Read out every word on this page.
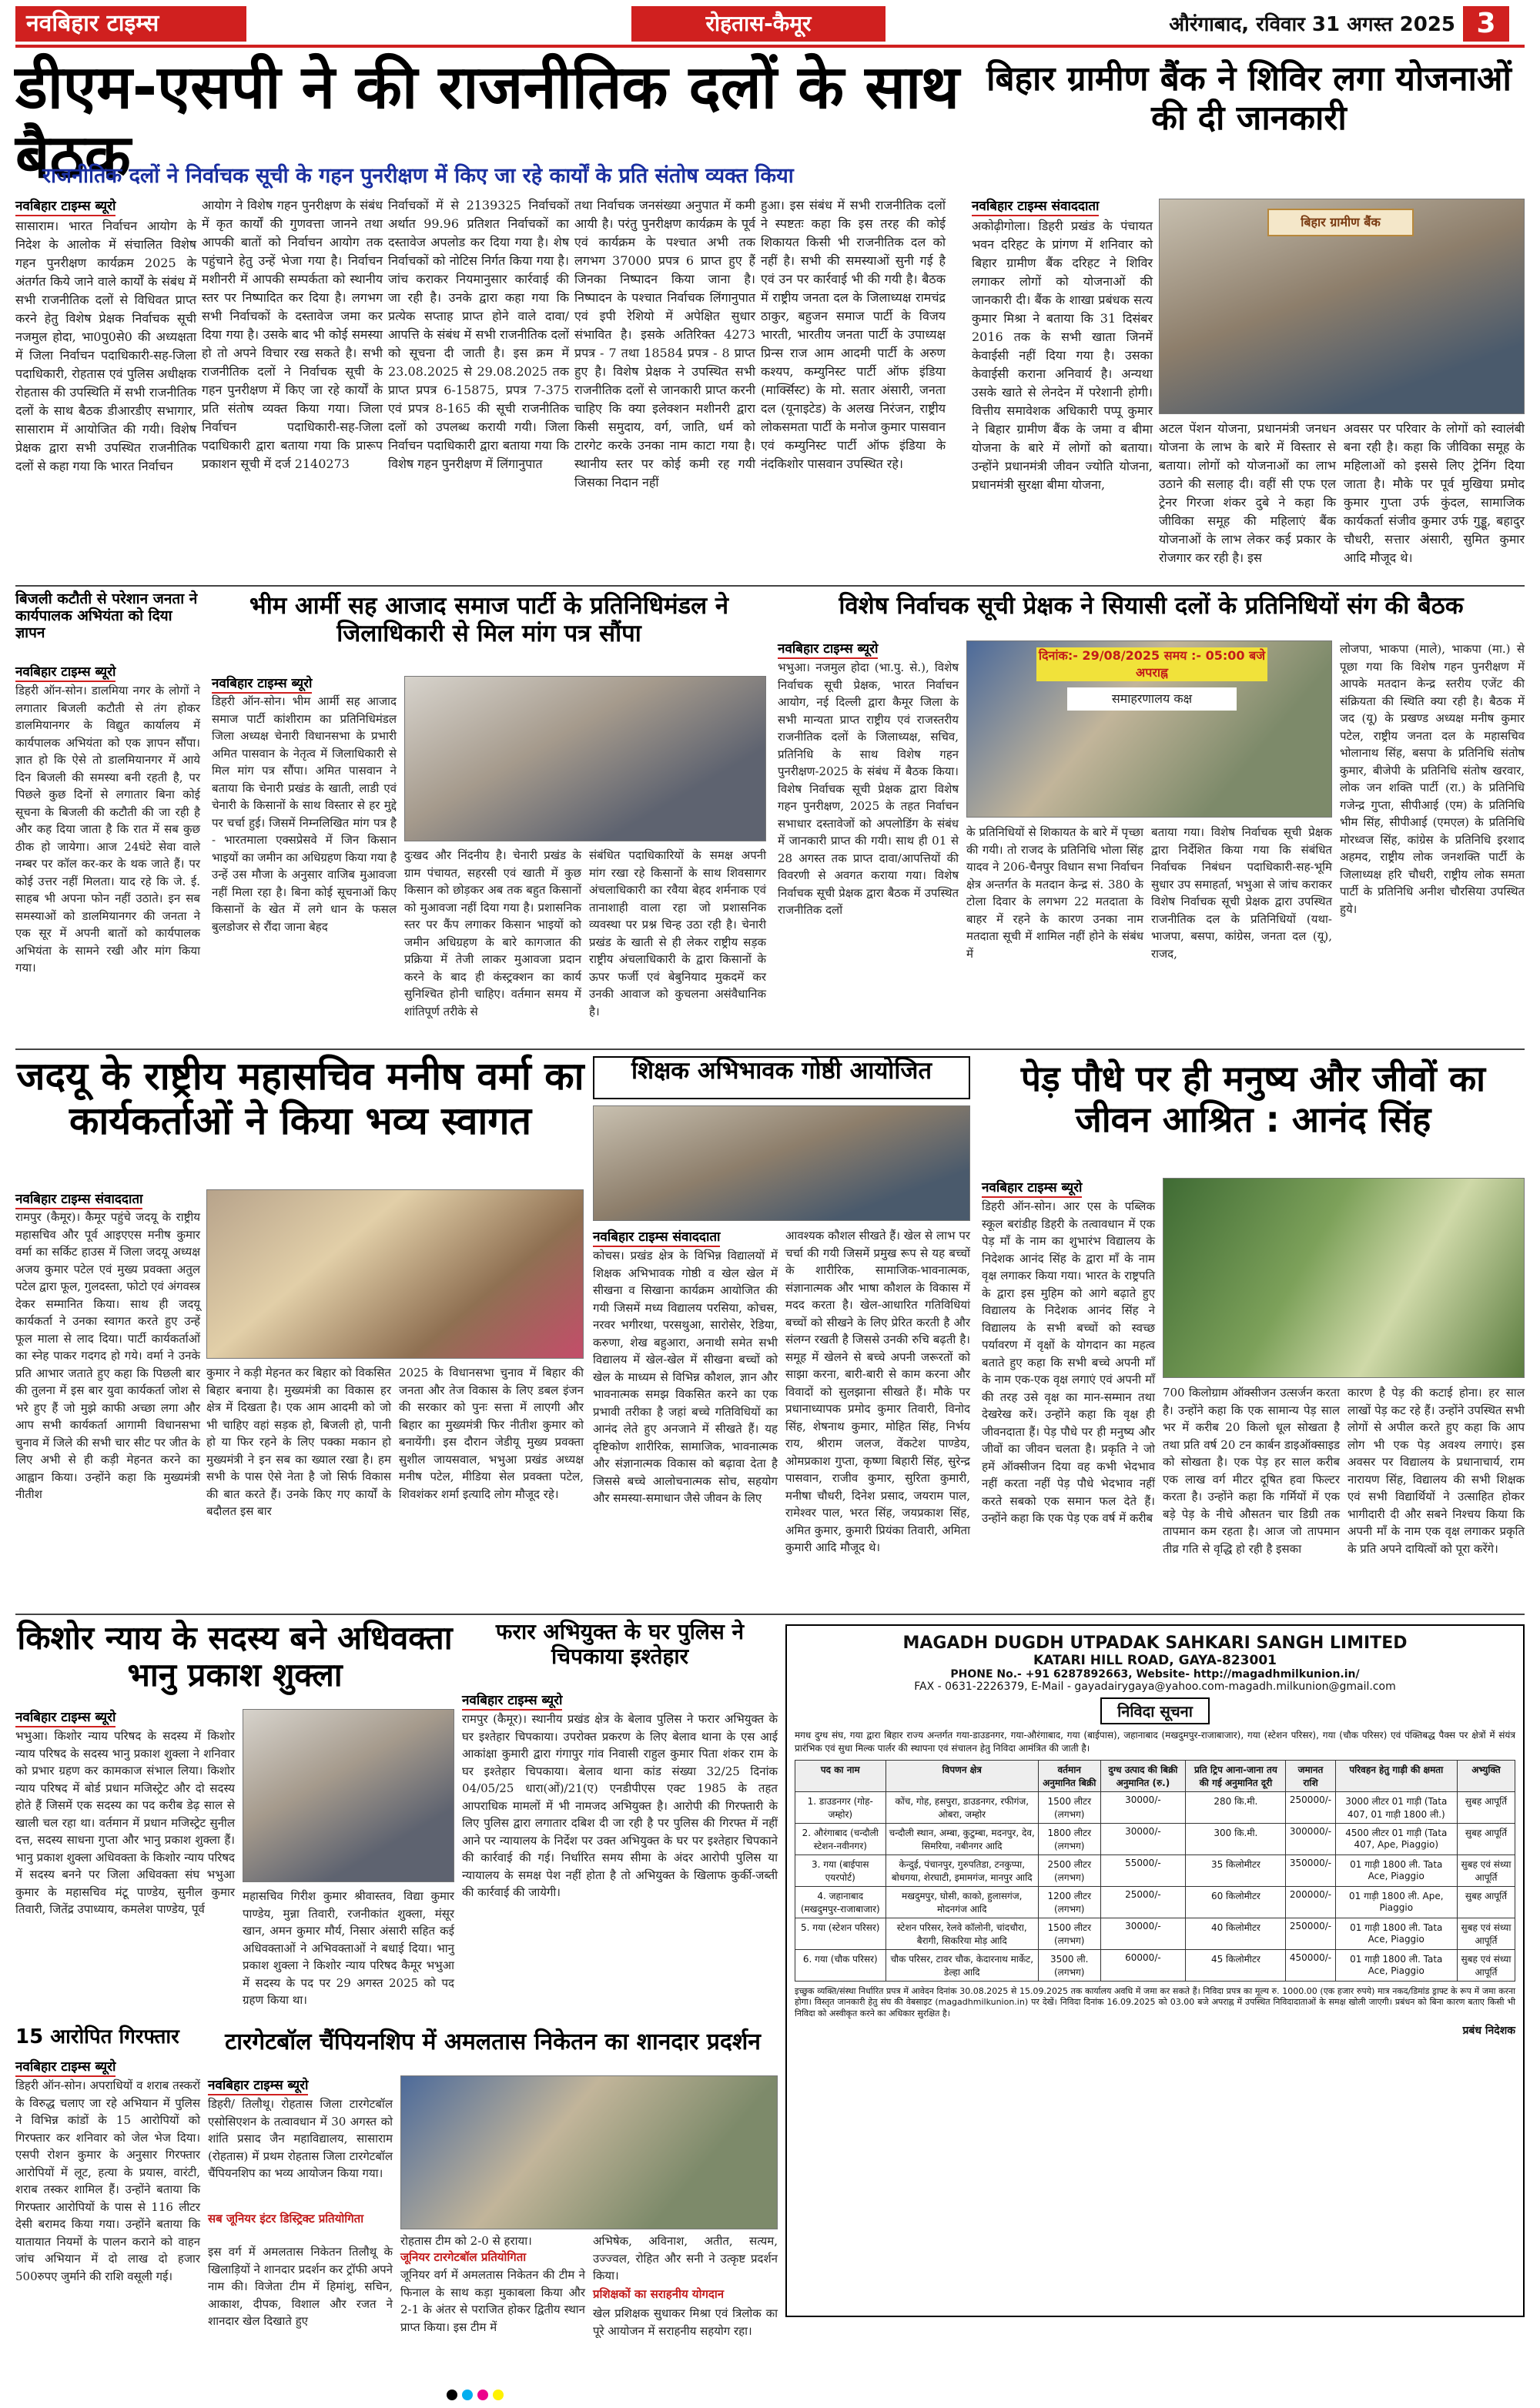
नवबिहार टाइम्स	रोहतास-कैमूर	औरंगाबाद, रविवार 31 अगस्त 2025 3
डीएम-एसपी ने की राजनीतिक दलों के साथ बैठक
राजनीतिक दलों ने निर्वाचक सूची के गहन पुनरीक्षण में किए जा रहे कार्यों के प्रति संतोष व्यक्त किया
नवबिहार टाइम्स ब्यूरो
सासाराम। भारत निर्वाचन आयोग के निदेश के आलोक में संचालित विशेष गहन पुनरीक्षण कार्यक्रम 2025 के अंतर्गत किये जाने वाले कार्यों के संबंध में सभी राजनीतिक दलों से विधिवत प्राप्त करने हेतु विशेष प्रेक्षक निर्वाचक सूची नजमुल होदा, भा0पु0से0 की अध्यक्षता में जिला निर्वाचन पदाधिकारी-सह-जिला पदाधिकारी, रोहतास एवं पुलिस अधीक्षक रोहतास की उपस्थिति में सभी राजनीतिक दलों के साथ बैठक डीआरडीए सभागार, सासाराम में आयोजित की गयी। विशेष प्रेक्षक द्वारा सभी उपस्थित राजनीतिक दलों से कहा गया कि भारत निर्वाचन
आयोग ने विशेष गहन पुनरीक्षण के संबंध में कृत कार्यों की गुणवत्ता जानने तथा आपकी बातों को निर्वाचन आयोग तक पहुंचाने हेतु उन्हें भेजा गया है। निर्वाचन मशीनरी में आपकी सम्पर्कता को स्थानीय स्तर पर निष्पादित कर दिया है। लगभग सभी निर्वाचकों के दस्तावेज जमा कर दिया गया है। उसके बाद भी कोई समस्या हो तो अपने विचार रख सकते है। सभी राजनीतिक दलों ने निर्वाचक सूची के गहन पुनरीक्षण में किए जा रहे कार्यों के प्रति संतोष व्यक्त किया गया। जिला निर्वाचन पदाधिकारी-सह-जिला पदाधिकारी द्वारा बताया गया कि प्रारूप प्रकाशन सूची में दर्ज 2140273
निर्वाचकों में से 2139325 निर्वाचकों अर्थात 99.96 प्रतिशत निर्वाचकों का दस्तावेज अपलोड कर दिया गया है। शेष निर्वाचकों को नोटिस निर्गत किया गया है। जांच कराकर नियमानुसार कार्रवाई की जा रही है। उनके द्वारा कहा गया कि प्रत्येक सप्ताह प्राप्त होने वाले दावा/आपत्ति के संबंध में सभी राजनीतिक दलों को सूचना दी जाती है। इस क्रम में 23.08.2025 से 29.08.2025 तक प्राप्त प्रपत्र 6-15875, प्रपत्र 7-375 एवं प्रपत्र 8-165 की सूची राजनीतिक दलों को उपलब्ध करायी गयी। जिला निर्वाचन पदाधिकारी द्वारा बताया गया कि विशेष गहन पुनरीक्षण में लिंगानुपात
तथा निर्वाचक जनसंख्या अनुपात में कमी आयी है। परंतु पुनरीक्षण कार्यक्रम के पूर्व एवं कार्यक्रम के पश्चात अभी तक लगभग 37000 प्रपत्र 6 प्राप्त हुए हैं जिनका निष्पादन किया जाना है। निष्पादन के पश्चात निर्वाचक लिंगानुपात एवं इपी रेशियो में अपेक्षित सुधार संभावित है। इसके अतिरिक्त 4273 प्रपत्र - 7 तथा 18584 प्रपत्र - 8 प्राप्त हुए है। विशेष प्रेक्षक ने उपस्थित सभी राजनीतिक दलों से जानकारी प्राप्त करनी चाहिए कि क्या इलेक्शन मशीनरी द्वारा किसी समुदाय, वर्ग, जाति, धर्म को टारगेट करके उनका नाम काटा गया है। स्थानीय स्तर पर कोई कमी रह गयी जिसका निदान नहीं
हुआ। इस संबंध में सभी राजनीतिक दलों ने स्पष्टतः कहा कि इस तरह की कोई शिकायत किसी भी राजनीतिक दल को नहीं है। सभी की समस्याओं सुनी गई है एवं उन पर कार्रवाई भी की गयी है। बैठक में राष्ट्रीय जनता दल के जिलाध्यक्ष रामचंद्र ठाकुर, बहुजन समाज पार्टी के विजय भारती, भारतीय जनता पार्टी के उपाध्यक्ष प्रिन्स राज आम आदमी पार्टी के अरुण कश्यप, कम्युनिस्ट पार्टी ऑफ इंडिया (मार्क्सिस्ट) के मो. सतार अंसारी, जनता दल (यूनाइटेड) के अलख निरंजन, राष्ट्रीय लोकसमता पार्टी के मनोज कुमार पासवान एवं कम्युनिस्ट पार्टी ऑफ इंडिया के नंदकिशोर पासवान उपस्थित रहे।
बिहार ग्रामीण बैंक ने शिविर लगा योजनाओं की दी जानकारी
नवबिहार टाइम्स संवाददाता
अकोढ़ीगोला। डिहरी प्रखंड के पंचायत भवन दरिहट के प्रांगण में शनिवार को बिहार ग्रामीण बैंक दरिहट ने शिविर लगाकर लोगों को योजनाओं की जानकारी दी। बैंक के शाखा प्रबंधक सत्य कुमार मिश्रा ने बताया कि 31 दिसंबर 2016 तक के सभी खाता जिनमें केवाईसी नहीं दिया गया है। उसका केवाईसी कराना अनिवार्य है। अन्यथा उसके खाते से लेनदेन में परेशानी होगी। वित्तीय समावेशक अधिकारी पप्पू कुमार ने बिहार ग्रामीण बैंक के जमा व बीमा योजना के बारे में लोगों को बताया। उन्होंने प्रधानमंत्री जीवन ज्योति योजना, प्रधानमंत्री सुरक्षा बीमा योजना,
बिहार ग्रामीण बैंक
अटल पेंशन योजना, प्रधानमंत्री जनधन योजना के लाभ के बारे में विस्तार से बताया। लोगों को योजनाओं का लाभ उठाने की सलाह दी। वहीं सी एफ एल ट्रेनर गिरजा शंकर दुबे ने कहा कि जीविका समूह की महिलाएं बैंक योजनाओं के लाभ लेकर कई प्रकार के रोजगार कर रही है। इस
अवसर पर परिवार के लोगों को स्वालंबी बना रही है। कहा कि जीविका समूह के महिलाओं को इससे लिए ट्रेनिंग दिया जाता है। मौके पर पूर्व मुखिया प्रमोद कुमार गुप्ता उर्फ कुंदल, सामाजिक कार्यकर्ता संजीव कुमार उर्फ गुड्डू, बहादुर चौधरी, सत्तार अंसारी, सुमित कुमार आदि मौजूद थे।
बिजली कटौती से परेशान जनता ने कार्यपालक अभियंता को दिया ज्ञापन
नवबिहार टाइम्स ब्यूरो
डिहरी ऑन-सोन। डालमिया नगर के लोगों ने लगातार बिजली कटौती से तंग होकर डालमियानगर के विद्युत कार्यालय में कार्यपालक अभियंता को एक ज्ञापन सौंपा। ज्ञात हो कि ऐसे तो डालमियानगर में आये दिन बिजली की समस्या बनी रहती है, पर पिछले कुछ दिनों से लगातार बिना कोई सूचना के बिजली की कटौती की जा रही है और कह दिया जाता है कि रात में सब कुछ ठीक हो जायेगा। आज 24घंटे सेवा वाले नम्बर पर कॉल कर-कर के थक जाते हैं। पर कोई उत्तर नहीं मिलता। याद रहे कि जे. ई. साहब भी अपना फोन नहीं उठाते। इन सब समस्याओं को डालमियानगर की जनता ने एक सूर में अपनी बातों को कार्यपालक अभियंता के सामने रखी और मांग किया गया।
भीम आर्मी सह आजाद समाज पार्टी के प्रतिनिधिमंडल ने जिलाधिकारी से मिल मांग पत्र सौंपा
नवबिहार टाइम्स ब्यूरो
डिहरी ऑन-सोन। भीम आर्मी सह आजाद समाज पार्टी कांशीराम का प्रतिनिधिमंडल जिला अध्यक्ष चेनारी विधानसभा के प्रभारी अमित पासवान के नेतृत्व में जिलाधिकारी से मिल मांग पत्र सौंपा। अमित पासवान ने बताया कि चेनारी प्रखंड के खाती, लाडी एवं चेनारी के किसानों के साथ विस्तार से हर मुद्दे पर चर्चा हुई। जिसमें निम्नलिखित मांग पत्र है - भारतमाला एक्सप्रेसवे में जिन किसान भाइयों का जमीन का अधिग्रहण किया गया है उन्हें उस मौजा के अनुसार वाजिब मुआवजा नहीं मिला रहा है। बिना कोई सूचनाओं किए किसानों के खेत में लगे धान के फसल बुलडोजर से रौंदा जाना बेहद
दुःखद और निंदनीय है। चेनारी प्रखंड के ग्राम पंचायत, सहरसी एवं खाती में कुछ किसान को छोड़कर अब तक बहुत किसानों को मुआवजा नहीं दिया गया है। प्रशासनिक स्तर पर कैंप लगाकर किसान भाइयों को जमीन अधिग्रहण के बारे कागजात की प्रक्रिया में तेजी लाकर मुआवजा प्रदान करने के बाद ही कंस्ट्रक्शन का कार्य सुनिश्चित होनी चाहिए। वर्तमान समय में शांतिपूर्ण तरीके से
संबंधित पदाधिकारियों के समक्ष अपनी मांग रखा रहे किसानों के साथ शिवसागर अंचलाधिकारी का रवैया बेहद शर्मनाक एवं तानाशाही वाला रहा जो प्रशासनिक व्यवस्था पर प्रश्न चिन्ह उठा रही है। चेनारी प्रखंड के खाती से ही लेकर राष्ट्रीय सड़क राष्ट्रीय अंचलाधिकारी के द्वारा किसानों के ऊपर फर्जी एवं बेबुनियाद मुकदमें कर उनकी आवाज को कुचलना असंवैधानिक है।
विशेष निर्वाचक सूची प्रेक्षक ने सियासी दलों के प्रतिनिधियों संग की बैठक
नवबिहार टाइम्स ब्यूरो
भभुआ। नजमुल होदा (भा.पु. से.), विशेष निर्वाचक सूची प्रेक्षक, भारत निर्वाचन आयोग, नई दिल्ली द्वारा कैमूर जिला के सभी मान्यता प्राप्त राष्ट्रीय एवं राजस्तरीय राजनीतिक दलों के जिलाध्यक्ष, सचिव, प्रतिनिधि के साथ विशेष गहन पुनरीक्षण-2025 के संबंध में बैठक किया। विशेष निर्वाचक सूची प्रेक्षक द्वारा विशेष गहन पुनरीक्षण, 2025 के तहत निर्वाचन सभाधार दस्तावेजों को अपलोडिंग के संबंध में जानकारी प्राप्त की गयी। साथ ही 01 से 28 अगस्त तक प्राप्त दावा/आपत्तियों की विवरणी से अवगत कराया गया। विशेष निर्वाचक सूची प्रेक्षक द्वारा बैठक में उपस्थित राजनीतिक दलों
दिनांक:- 29/08/2025 समय :- 05:00 बजे अपराह्न
समाहरणालय कक्ष
के प्रतिनिधियों से शिकायत के बारे में पृच्छा की गयी। तो राजद के प्रतिनिधि भोला सिंह यादव ने 206-चैनपुर विधान सभा निर्वाचन क्षेत्र अन्तर्गत के मतदान केन्द्र सं. 380 के टोला दिवार के लगभग 22 मतदाता के बाहर में रहने के कारण उनका नाम मतदाता सूची में शामिल नहीं होने के संबंध में
बताया गया। विशेष निर्वाचक सूची प्रेक्षक द्वारा निर्देशित किया गया कि संबंधित निर्वाचक निबंधन पदाधिकारी-सह-भूमि सुधार उप समाहर्ता, भभुआ से जांच कराकर विशेष निर्वाचक सूची प्रेक्षक द्वारा उपस्थित राजनीतिक दल के प्रतिनिधियों (यथा-भाजपा, बसपा, कांग्रेस, जनता दल (यू), राजद,
लोजपा, भाकपा (माले), भाकपा (मा.) से पूछा गया कि विशेष गहन पुनरीक्षण में आपके मतदान केन्द्र स्तरीय एजेंट की संक्रियता की स्थिति क्या रही है। बैठक में जद (यू) के प्रखण्ड अध्यक्ष मनीष कुमार पटेल, राष्ट्रीय जनता दल के महासचिव भोलानाथ सिंह, बसपा के प्रतिनिधि संतोष कुमार, बीजेपी के प्रतिनिधि संतोष खरवार, लोक जन शक्ति पार्टी (रा.) के प्रतिनिधि गजेन्द्र गुप्ता, सीपीआई (एम) के प्रतिनिधि भीम सिंह, सीपीआई (एमएल) के प्रतिनिधि मोरध्वज सिंह, कांग्रेस के प्रतिनिधि इरशाद अहमद, राष्ट्रीय लोक जनशक्ति पार्टी के जिलाध्यक्ष हरि चौधरी, राष्ट्रीय लोक समता पार्टी के प्रतिनिधि अनीश चौरसिया उपस्थित हुये।
जदयू के राष्ट्रीय महासचिव मनीष वर्मा का कार्यकर्ताओं ने किया भव्य स्वागत
नवबिहार टाइम्स संवाददाता
रामपुर (कैमूर)। कैमूर पहुंचे जदयू के राष्ट्रीय महासचिव और पूर्व आइएएस मनीष कुमार वर्मा का सर्किट हाउस में जिला जदयू अध्यक्ष अजय कुमार पटेल एवं मुख्य प्रवक्ता अतुल पटेल द्वारा फूल, गुलदस्ता, फोटो एवं अंगवस्त्र देकर सम्मानित किया। साथ ही जदयू कार्यकर्ता ने उनका स्वागत करते हुए उन्हें फूल माला से लाद दिया। पार्टी कार्यकर्ताओं का स्नेह पाकर गदगद हो गये। वर्मा ने उनके प्रति आभार जताते हुए कहा कि पिछली बार की तुलना में इस बार युवा कार्यकर्ता जोश से भरे हुए हैं जो मुझे काफी अच्छा लगा और आप सभी कार्यकर्ता आगामी विधानसभा चुनाव में जिले की सभी चार सीट पर जीत के लिए अभी से ही कड़ी मेहनत करने का आह्वान किया। उन्होंने कहा कि मुख्यमंत्री नीतीश
कुमार ने कड़ी मेहनत कर बिहार को विकसित बिहार बनाया है। मुख्यमंत्री का विकास हर क्षेत्र में दिखता है। एक आम आदमी को जो भी चाहिए वहां सड़क हो, बिजली हो, पानी हो या फिर रहने के लिए पक्का मकान हो मुख्यमंत्री ने इन सब का ख्याल रखा है। हम सभी के पास ऐसे नेता है जो सिर्फ विकास की बात करते हैं। उनके किए गए कार्यों के बदौलत इस बार
2025 के विधानसभा चुनाव में बिहार की जनता और तेज विकास के लिए डबल इंजन की सरकार को पुनः सत्ता में लाएगी और बिहार का मुख्यमंत्री फिर नीतीश कुमार को बनायेंगी। इस दौरान जेडीयू मुख्य प्रवक्ता सुशील जायसवाल, भभुआ प्रखंड अध्यक्ष मनीष पटेल, मीडिया सेल प्रवक्ता पटेल, शिवशंकर शर्मा इत्यादि लोग मौजूद रहे।
शिक्षक अभिभावक गोष्ठी आयोजित
नवबिहार टाइम्स संवाददाता
कोचस। प्रखंड क्षेत्र के विभिन्न विद्यालयों में शिक्षक अभिभावक गोष्ठी व खेल खेल में सीखना व सिखाना कार्यक्रम आयोजित की गयी जिसमें मध्य विद्यालय परसिया, कोचस, नरवर भगीरथा, परसथुआ, सारोसेर, रेडिया, करुणा, शेख बहुआरा, अनाथी समेत सभी विद्यालय में खेल-खेल में सीखना बच्चों को खेल के माध्यम से विभिन्न कौशल, ज्ञान और भावनात्मक समझ विकसित करने का एक प्रभावी तरीका है जहां बच्चे गतिविधियों का आनंद लेते हुए अनजाने में सीखते हैं। यह दृष्टिकोण शारीरिक, सामाजिक, भावनात्मक और संज्ञानात्मक विकास को बढ़ावा देता है जिससे बच्चे आलोचनात्मक सोच, सहयोग और समस्या-समाधान जैसे जीवन के लिए
आवश्यक कौशल सीखते हैं। खेल से लाभ पर चर्चा की गयी जिसमें प्रमुख रूप से यह बच्चों के शारीरिक, सामाजिक-भावनात्मक, संज्ञानात्मक और भाषा कौशल के विकास में मदद करता है। खेल-आधारित गतिविधियां बच्चों को सीखने के लिए प्रेरित करती है और संलग्न रखती है जिससे उनकी रुचि बढ़ती है। समूह में खेलने से बच्चे अपनी जरूरतों को साझा करना, बारी-बारी से काम करना और विवादों को सुलझाना सीखते हैं। मौके पर प्रधानाध्यापक प्रमोद कुमार तिवारी, विनोद सिंह, शेषनाथ कुमार, मोहित सिंह, निर्भय राय, श्रीराम जलज, वेंकटेश पाण्डेय, ओमप्रकाश गुप्ता, कृष्णा बिहारी सिंह, सुरेन्द्र पासवान, राजीव कुमार, सुरिता कुमारी, मनीषा चौधरी, दिनेश प्रसाद, जयराम पाल, रामेश्वर पाल, भरत सिंह, जयप्रकाश सिंह, अमित कुमार, कुमारी प्रियंका तिवारी, अमिता कुमारी आदि मौजूद थे।
पेड़ पौधे पर ही मनुष्य और जीवों का जीवन आश्रित : आनंद सिंह
नवबिहार टाइम्स ब्यूरो
डिहरी ऑन-सोन। आर एस के पब्लिक स्कूल बरांडीह डिहरी के तत्वावधान में एक पेड़ माँ के नाम का शुभारंभ विद्यालय के निदेशक आनंद सिंह के द्वारा माँ के नाम वृक्ष लगाकर किया गया। भारत के राष्ट्रपति के द्वारा इस मुहिम को आगे बढ़ाते हुए विद्यालय के निदेशक आनंद सिंह ने विद्यालय के सभी बच्चों को स्वच्छ पर्यावरण में वृक्षों के योगदान का महत्व बताते हुए कहा कि सभी बच्चे अपनी माँ के नाम एक-एक वृक्ष लगाएं एवं अपनी माँ की तरह उसे वृक्ष का मान-सम्मान तथा देखरेख करें। उन्होंने कहा कि वृक्ष ही जीवनदाता हैं। पेड़ पौधे पर ही मनुष्य और जीवों का जीवन चलता है। प्रकृति ने जो हमें ऑक्सीजन दिया वह कभी भेदभाव नहीं करता नहीं पेड़ पौधे भेदभाव नहीं करते सबको एक समान फल देते हैं। उन्होंने कहा कि एक पेड़ एक वर्ष में करीब
700 किलोग्राम ऑक्सीजन उत्सर्जन करता है। उन्होंने कहा कि एक सामान्य पेड़ साल भर में करीब 20 किलो धूल सोखता है तथा प्रति वर्ष 20 टन कार्बन डाइऑक्साइड को सोखता है। एक पेड़ हर साल करीब एक लाख वर्ग मीटर दूषित हवा फिल्टर करता है। उन्होंने कहा कि गर्मियों में एक बड़े पेड़ के नीचे औसतन चार डिग्री तक तापमान कम रहता है। आज जो तापमान तीव्र गति से वृद्धि हो रही है इसका
कारण है पेड़ की कटाई होना। हर साल लाखों पेड़ कट रहे हैं। उन्होंने उपस्थित सभी लोगों से अपील करते हुए कहा कि आप लोग भी एक पेड़ अवश्य लगाएं। इस अवसर पर विद्यालय के प्रधानाचार्य, राम नारायण सिंह, विद्यालय की सभी शिक्षक एवं सभी विद्यार्थियों ने उत्साहित होकर भागीदारी दी और सबने निश्चय किया कि अपनी माँ के नाम एक वृक्ष लगाकर प्रकृति के प्रति अपने दायित्वों को पूरा करेंगे।
किशोर न्याय के सदस्य बने अधिवक्ता भानु प्रकाश शुक्ला
नवबिहार टाइम्स ब्यूरो
भभुआ। किशोर न्याय परिषद के सदस्य में किशोर न्याय परिषद के सदस्य भानु प्रकाश शुक्ला ने शनिवार को प्रभार ग्रहण कर कामकाज संभाल लिया। किशोर न्याय परिषद में बोर्ड प्रधान मजिस्ट्रेट और दो सदस्य होते हैं जिसमें एक सदस्य का पद करीब डेढ़ साल से खाली चल रहा था। वर्तमान में प्रधान मजिस्ट्रेट सुनील दत्त, सदस्य साधना गुप्ता और भानु प्रकाश शुक्ला हैं। भानु प्रकाश शुक्ला अधिवक्ता के किशोर न्याय परिषद में सदस्य बनने पर जिला अधिवक्ता संघ भभुआ कुमार के महासचिव मंटू पाण्डेय, सुनील कुमार तिवारी, जितेंद्र उपाध्याय, कमलेश पाण्डेय, पूर्व
महासचिव गिरीश कुमार श्रीवास्तव, विद्या कुमार पाण्डेय, मुन्ना तिवारी, रजनीकांत शुक्ला, मंसूर खान, अमन कुमार मौर्य, निसार अंसारी सहित कई अधिवक्ताओं ने अभिवक्ताओं ने बधाई दिया। भानु प्रकाश शुक्ला ने किशोर न्याय परिषद कैमूर भभुआ में सदस्य के पद पर 29 अगस्त 2025 को पद ग्रहण किया था।
फरार अभियुक्त के घर पुलिस ने चिपकाया इश्तेहार
नवबिहार टाइम्स ब्यूरो
रामपुर (कैमूर)। स्थानीय प्रखंड क्षेत्र के बेलाव पुलिस ने फरार अभियुक्त के घर इश्तेहार चिपकाया। उपरोक्त प्रकरण के लिए बेलाव थाना के एस आई आकांक्षा कुमारी द्वारा गंगापुर गांव निवासी राहुल कुमार पिता शंकर राम के घर इश्तेहार चिपकाया। बेलाव थाना कांड संख्या 32/25 दिनांक 04/05/25 धारा(ओं)/21(ए) एनडीपीएस एक्ट 1985 के तहत आपराधिक मामलों में भी नामजद अभियुक्त है। आरोपी की गिरफ्तारी के लिए पुलिस द्वारा लगातार दबिश दी जा रही है पर पुलिस की गिरफ्त में नहीं आने पर न्यायालय के निर्देश पर उक्त अभियुक्त के घर पर इश्तेहार चिपकाने की कार्रवाई की गई। निर्धारित समय सीमा के अंदर आरोपी पुलिस या न्यायालय के समक्ष पेश नहीं होता है तो अभियुक्त के खिलाफ कुर्की-जब्ती की कार्रवाई की जायेगी।
MAGADH DUGDH UTPADAK SAHKARI SANGH LIMITED
KATARI HILL ROAD, GAYA-823001
PHONE No.- +91 6287892663, Website- http://magadhmilkunion.in/
FAX - 0631-2226379, E-Mail - gayadairygaya@yahoo.com-magadh.milkunion@gmail.com
निविदा सूचना
मगध दुग्ध संघ, गया द्वारा बिहार राज्य अन्तर्गत गया-डाउडनगर, गया-औरंगाबाद, गया (बाईपास), जहानाबाद (मखदुमपुर-राजाबाजार), गया (स्टेशन परिसर), गया (चौक परिसर) एवं पंक्तिबद्ध पैक्स पर क्षेत्रों में संयंत्र प्रारंभिक एवं सुधा मिल्क पार्लर की स्थापना एवं संचालन हेतु निविदा आमंत्रित की जाती है।
पद का नाम	विपणन क्षेत्र	वर्तमान अनुमानित बिक्री	दुग्ध उत्पाद की बिक्री अनुमानित (रु.)	प्रति ट्रिप आना-जाना तय की गई अनुमानित दूरी	जमानत राशि	परिवहन हेतु गाड़ी की क्षमता	अभ्युक्ति
1. डाउडनगर (गोह-जम्होर)	कोंच, गोह, हसपुरा, डाउडनगर, रफीगंज, ओबरा, जम्होर	1500 लीटर (लगभग)	30000/-	280 कि.मी.	250000/-	3000 लीटर 01 गाड़ी (Tata 407, 01 गाड़ी 1800 ली.)	सुबह आपूर्ति
2. औरंगाबाद (चन्दौली स्टेशन-नवीनगर)	चन्दौली स्थान, अम्बा, कुटुम्बा, मदनपुर, देव, सिमरिया, नबीनगर आदि	1800 लीटर (लगभग)	30000/-	300 कि.मी.	300000/-	4500 लीटर 01 गाड़ी (Tata 407, Ape, Piaggio)	सुबह आपूर्ति
3. गया (बाईपास एयरपोर्ट)	केन्दुई, पंचानपुर, गुरुपतिडा, टनकुप्पा, बोधगया, शेरघाटी, इमामगंज, मानपुर आदि	2500 लीटर (लगभग)	55000/-	35 किलोमीटर	350000/-	01 गाड़ी 1800 ली. Tata Ace, Piaggio	सुबह एवं संध्या आपूर्ति
4. जहानाबाद (मखदुमपुर-राजाबाजार)	मखदुमपुर, घोसी, काको, हुलासगंज, मोदनगंज आदि	1200 लीटर (लगभग)	25000/-	60 किलोमीटर	200000/-	01 गाड़ी 1800 ली. Ape, Piaggio	सुबह आपूर्ति
5. गया (स्टेशन परिसर)	स्टेशन परिसर, रेलवे कॉलोनी, चांदचौरा, बैरागी, सिकरिया मोड़ आदि	1500 लीटर (लगभग)	30000/-	40 किलोमीटर	250000/-	01 गाड़ी 1800 ली. Tata Ace, Piaggio	सुबह एवं संध्या आपूर्ति
6. गया (चौक परिसर)	चौक परिसर, टावर चौक, केदारनाथ मार्केट, डेल्हा आदि	3500 ली. (लगभग)	60000/-	45 किलोमीटर	450000/-	01 गाड़ी 1800 ली. Tata Ace, Piaggio	सुबह एवं संध्या आपूर्ति
इच्छुक व्यक्ति/संस्था निर्धारित प्रपत्र में आवेदन दिनांक 30.08.2025 से 15.09.2025 तक कार्यालय अवधि में जमा कर सकते हैं। निविदा प्रपत्र का मूल्य रु. 1000.00 (एक हजार रुपये) मात्र नकद/डिमांड ड्राफ्ट के रूप में जमा करना होगा। विस्तृत जानकारी हेतु संघ की वेबसाइट (magadhmilkunion.in) पर देखें। निविदा दिनांक 16.09.2025 को 03.00 बजे अपराह्न में उपस्थित निविदादाताओं के समक्ष खोली जाएगी। प्रबंधन को बिना कारण बताए किसी भी निविदा को अस्वीकृत करने का अधिकार सुरक्षित है।
प्रबंध निदेशक
15 आरोपित गिरफ्तार
नवबिहार टाइम्स ब्यूरो
डिहरी ऑन-सोन। अपराधियों व शराब तस्करों के विरुद्ध चलाए जा रहे अभियान में पुलिस ने विभिन्न कांडों के 15 आरोपियों को गिरफ्तार कर शनिवार को जेल भेज दिया। एसपी रोशन कुमार के अनुसार गिरफ्तार आरोपियों में लूट, हत्या के प्रयास, वारंटी, शराब तस्कर शामिल हैं। उन्होंने बताया कि गिरफ्तार आरोपियों के पास से 116 लीटर देसी बरामद किया गया। उन्होंने बताया कि यातायात नियमों के पालन कराने को वाहन जांच अभियान में दो लाख दो हजार 500रुपए जुर्माने की राशि वसूली गई।
टारगेटबॉल चैंपियनशिप में अमलतास निकेतन का शानदार प्रदर्शन
नवबिहार टाइम्स ब्यूरो
डिहरी/ तिलौथू। रोहतास जिला टारगेटबॉल एसोसिएशन के तत्वावधान में 30 अगस्त को शांति प्रसाद जैन महाविद्यालय, सासाराम (रोहतास) में प्रथम रोहतास जिला टारगेटबॉल चैंपियनशिप का भव्य आयोजन किया गया।
सब जूनियर इंटर डिस्ट्रिक्ट प्रतियोगिता
इस वर्ग में अमलतास निकेतन तिलौथू के खिलाड़ियों ने शानदार प्रदर्शन कर ट्रॉफी अपने नाम की। विजेता टीम में हिमांशु, सचिन, आकाश, दीपक, विशाल और रजत ने शानदार खेल दिखाते हुए
रोहतास टीम को 2-0 से हराया।
जूनियर टारगेटबॉल प्रतियोगिता
जूनियर वर्ग में अमलतास निकेतन की टीम ने फिनाल के साथ कड़ा मुकाबला किया और 2-1 के अंतर से पराजित होकर द्वितीय स्थान प्राप्त किया। इस टीम में
अभिषेक, अविनाश, अतीत, सत्यम, उज्ज्वल, रोहित और सनी ने उत्कृष्ट प्रदर्शन किया।
प्रशिक्षकों का सराहनीय योगदान
खेल प्रशिक्षक सुधाकर मिश्रा एवं त्रिलोक का पूरे आयोजन में सराहनीय सहयोग रहा।
